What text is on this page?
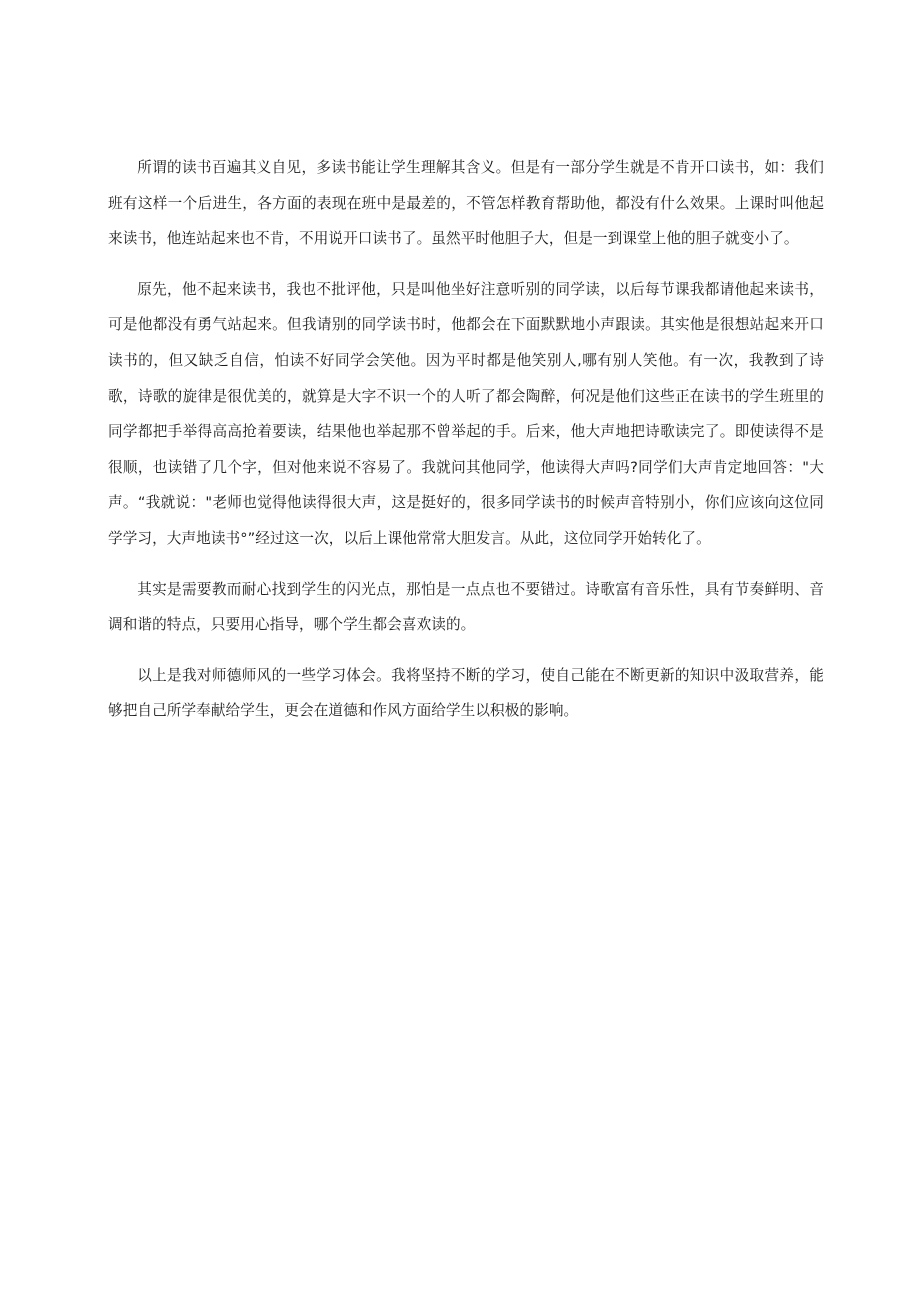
所谓的读书百遍其义自见，多读书能让学生理解其含义。但是有一部分学生就是不肯开口读书，如：我们班有这样一个后进生，各方面的表现在班中是最差的，不管怎样教育帮助他，都没有什么效果。上课时叫他起来读书，他连站起来也不肯，不用说开口读书了。虽然平时他胆子大，但是一到课堂上他的胆子就变小了。

原先，他不起来读书，我也不批评他，只是叫他坐好注意听别的同学读，以后每节课我都请他起来读书，可是他都没有勇气站起来。但我请别的同学读书时，他都会在下面默默地小声跟读。其实他是很想站起来开口读书的，但又缺乏自信，怕读不好同学会笑他。因为平时都是他笑别人,哪有别人笑他。有一次，我教到了诗歌，诗歌的旋律是很优美的，就算是大字不识一个的人听了都会陶醉，何况是他们这些正在读书的学生班里的同学都把手举得高高抢着要读，结果他也举起那不曾举起的手。后来，他大声地把诗歌读完了。即使读得不是很顺，也读错了几个字，但对他来说不容易了。我就问其他同学，他读得大声吗?同学们大声肯定地回答："大声。“我就说："老师也觉得他读得很大声，这是挺好的，很多同学读书的时候声音特别小，你们应该向这位同学学习，大声地读书°”经过这一次，以后上课他常常大胆发言。从此，这位同学开始转化了。

其实是需要教而耐心找到学生的闪光点，那怕是一点点也不要错过。诗歌富有音乐性，具有节奏鲜明、音调和谐的特点，只要用心指导，哪个学生都会喜欢读的。

以上是我对师德师风的一些学习体会。我将坚持不断的学习，使自己能在不断更新的知识中汲取营养，能够把自己所学奉献给学生，更会在道德和作风方面给学生以积极的影响。
